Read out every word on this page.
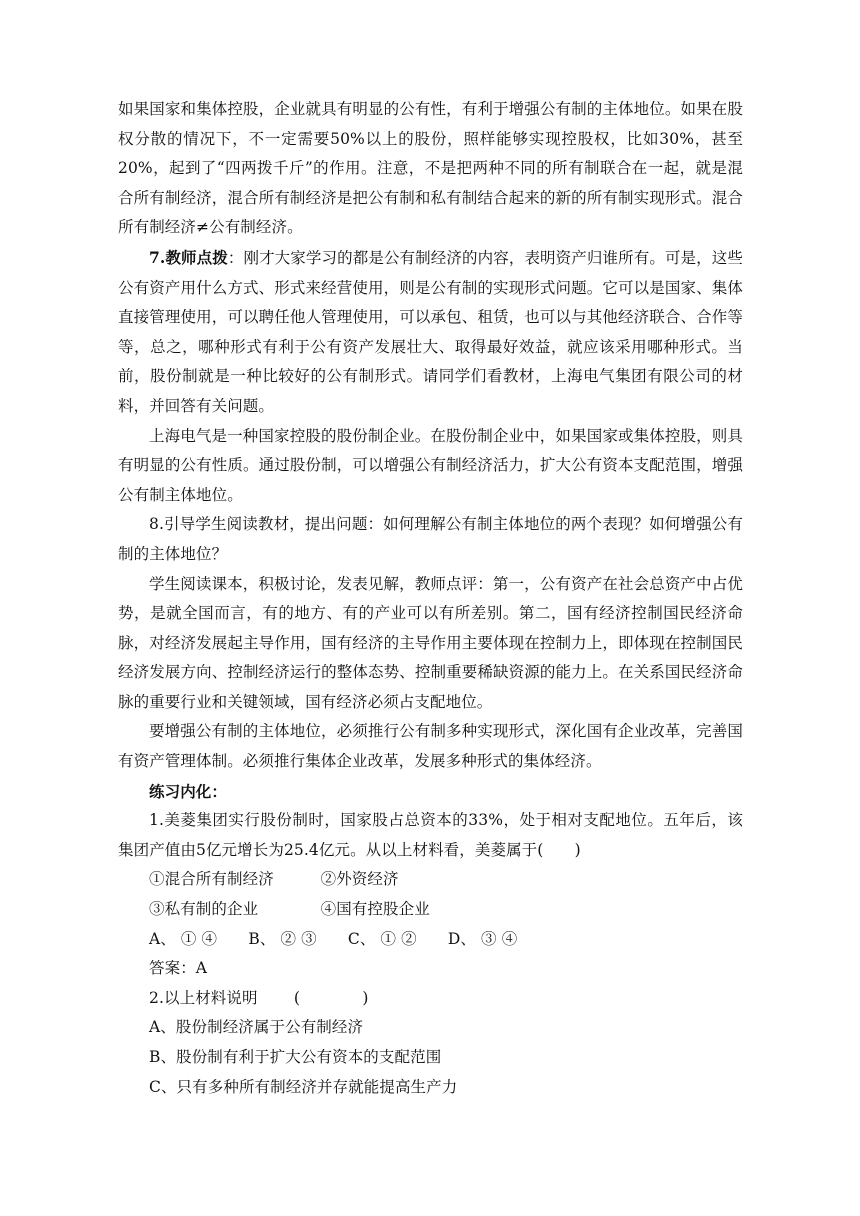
如果国家和集体控股，企业就具有明显的公有性，有利于增强公有制的主体地位。如果在股权分散的情况下，不一定需要50%以上的股份，照样能够实现控股权，比如30%，甚至20%，起到了“四两拨千斤”的作用。注意，不是把两种不同的所有制联合在一起，就是混合所有制经济，混合所有制经济是把公有制和私有制结合起来的新的所有制实现形式。混合所有制经济≠公有制经济。

7.教师点拨：刚才大家学习的都是公有制经济的内容，表明资产归谁所有。可是，这些公有资产用什么方式、形式来经营使用，则是公有制的实现形式问题。它可以是国家、集体直接管理使用，可以聘任他人管理使用，可以承包、租赁，也可以与其他经济联合、合作等等，总之，哪种形式有利于公有资产发展壮大、取得最好效益，就应该采用哪种形式。当前，股份制就是一种比较好的公有制形式。请同学们看教材，上海电气集团有限公司的材料，并回答有关问题。

上海电气是一种国家控股的股份制企业。在股份制企业中，如果国家或集体控股，则具有明显的公有性质。通过股份制，可以增强公有制经济活力，扩大公有资本支配范围，增强公有制主体地位。

8.引导学生阅读教材，提出问题：如何理解公有制主体地位的两个表现？如何增强公有制的主体地位？

学生阅读课本，积极讨论，发表见解，教师点评：第一，公有资产在社会总资产中占优势，是就全国而言，有的地方、有的产业可以有所差别。第二，国有经济控制国民经济命脉，对经济发展起主导作用，国有经济的主导作用主要体现在控制力上，即体现在控制国民经济发展方向、控制经济运行的整体态势、控制重要稀缺资源的能力上。在关系国民经济命脉的重要行业和关键领域，国有经济必须占支配地位。

要增强公有制的主体地位，必须推行公有制多种实现形式，深化国有企业改革，完善国有资产管理体制。必须推行集体企业改革，发展多种形式的集体经济。

练习内化：

1.美菱集团实行股份制时，国家股占总资本的33%，处于相对支配地位。五年后，该集团产值由5亿元增长为25.4亿元。从以上材料看，美菱属于(　　)

①混合所有制经济　　　②外资经济

③私有制的企业　　　　④国有控股企业

A、 ① ④　　B、 ② ③　　C、 ① ②　　D、 ③ ④

答案：A

2.以上材料说明　　 (　　　　)

A、股份制经济属于公有制经济

B、股份制有利于扩大公有资本的支配范围

C、只有多种所有制经济并存就能提高生产力
